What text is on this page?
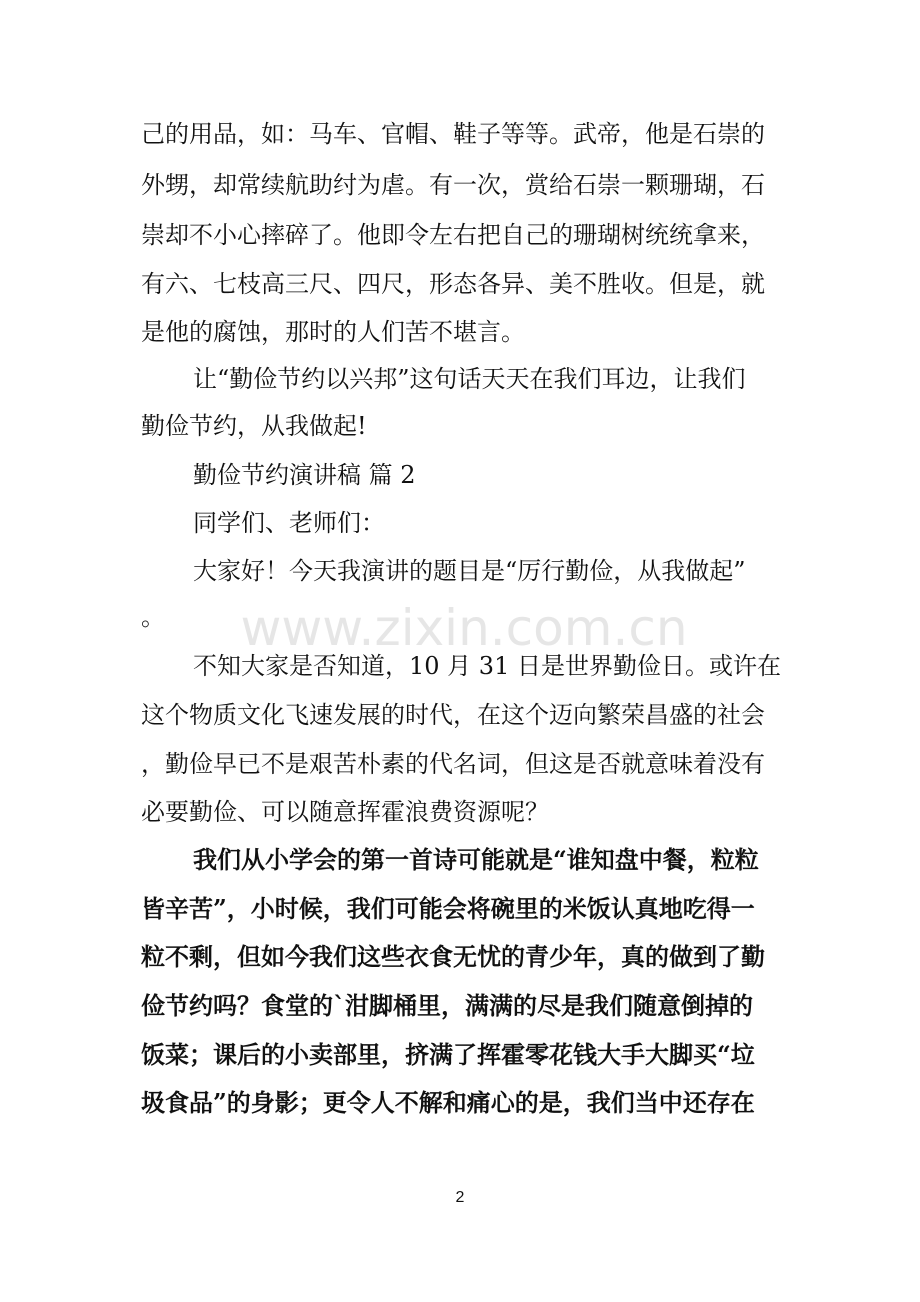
己的用品，如：马车、官帽、鞋子等等。武帝，他是石崇的
外甥，却常续航助纣为虐。有一次，赏给石崇一颗珊瑚，石
崇却不小心摔碎了。他即令左右把自己的珊瑚树统统拿来，
有六、七枝高三尺、四尺，形态各异、美不胜收。但是，就
是他的腐蚀，那时的人们苦不堪言。
让“勤俭节约以兴邦”这句话天天在我们耳边，让我们
勤俭节约，从我做起!
勤俭节约演讲稿 篇 2
同学们、老师们：
大家好！今天我演讲的题目是“厉行勤俭，从我做起”
。	www.zixin.com.cn
不知大家是否知道，10 月 31 日是世界勤俭日。或许在
这个物质文化飞速发展的时代，在这个迈向繁荣昌盛的社会
，勤俭早已不是艰苦朴素的代名词，但这是否就意味着没有
必要勤俭、可以随意挥霍浪费资源呢？
我们从小学会的第一首诗可能就是“谁知盘中餐，粒粒
皆辛苦”，小时候，我们可能会将碗里的米饭认真地吃得一
粒不剩，但如今我们这些衣食无忧的青少年，真的做到了勤
俭节约吗？食堂的`泔脚桶里，满满的尽是我们随意倒掉的
饭菜；课后的小卖部里，挤满了挥霍零花钱大手大脚买“垃
圾食品”的身影；更令人不解和痛心的是，我们当中还存在
2
